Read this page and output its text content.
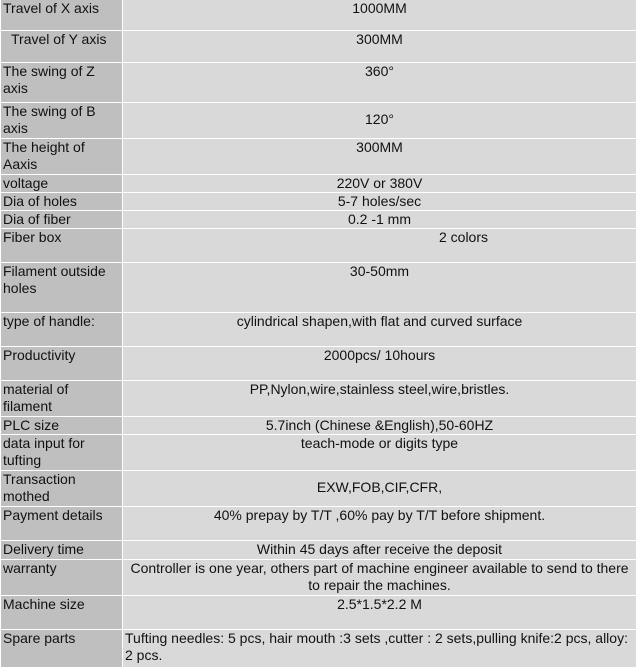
Travel of X axis	1000MM
Travel of Y axis	300MM
The swing of Z axis	360°
The swing of B axis	120°
The height of Aaxis	300MM
voltage	220V or 380V
Dia of holes	5-7 holes/sec
Dia of fiber	0.2 -1 mm
Fiber box	2 colors
Filament outside holes	30-50mm
type of handle:	cylindrical shapen,with flat and curved surface
Productivity	2000pcs/ 10hours
material of filament	PP,Nylon,wire,stainless steel,wire,bristles.
PLC size	5.7inch (Chinese &English),50-60HZ
data input for tufting	teach-mode or digits type
Transaction mothed	EXW,FOB,CIF,CFR,
Payment details	40% prepay by T/T ,60% pay by T/T before shipment.
Delivery time	Within 45 days after receive the deposit
warranty	Controller is one year, others part of machine engineer available to send to there to repair the machines.
Machine size	2.5*1.5*2.2 M
Spare parts	Tufting needles: 5 pcs, hair mouth :3 sets ,cutter : 2 sets,pulling knife:2 pcs, alloy: 2 pcs.
